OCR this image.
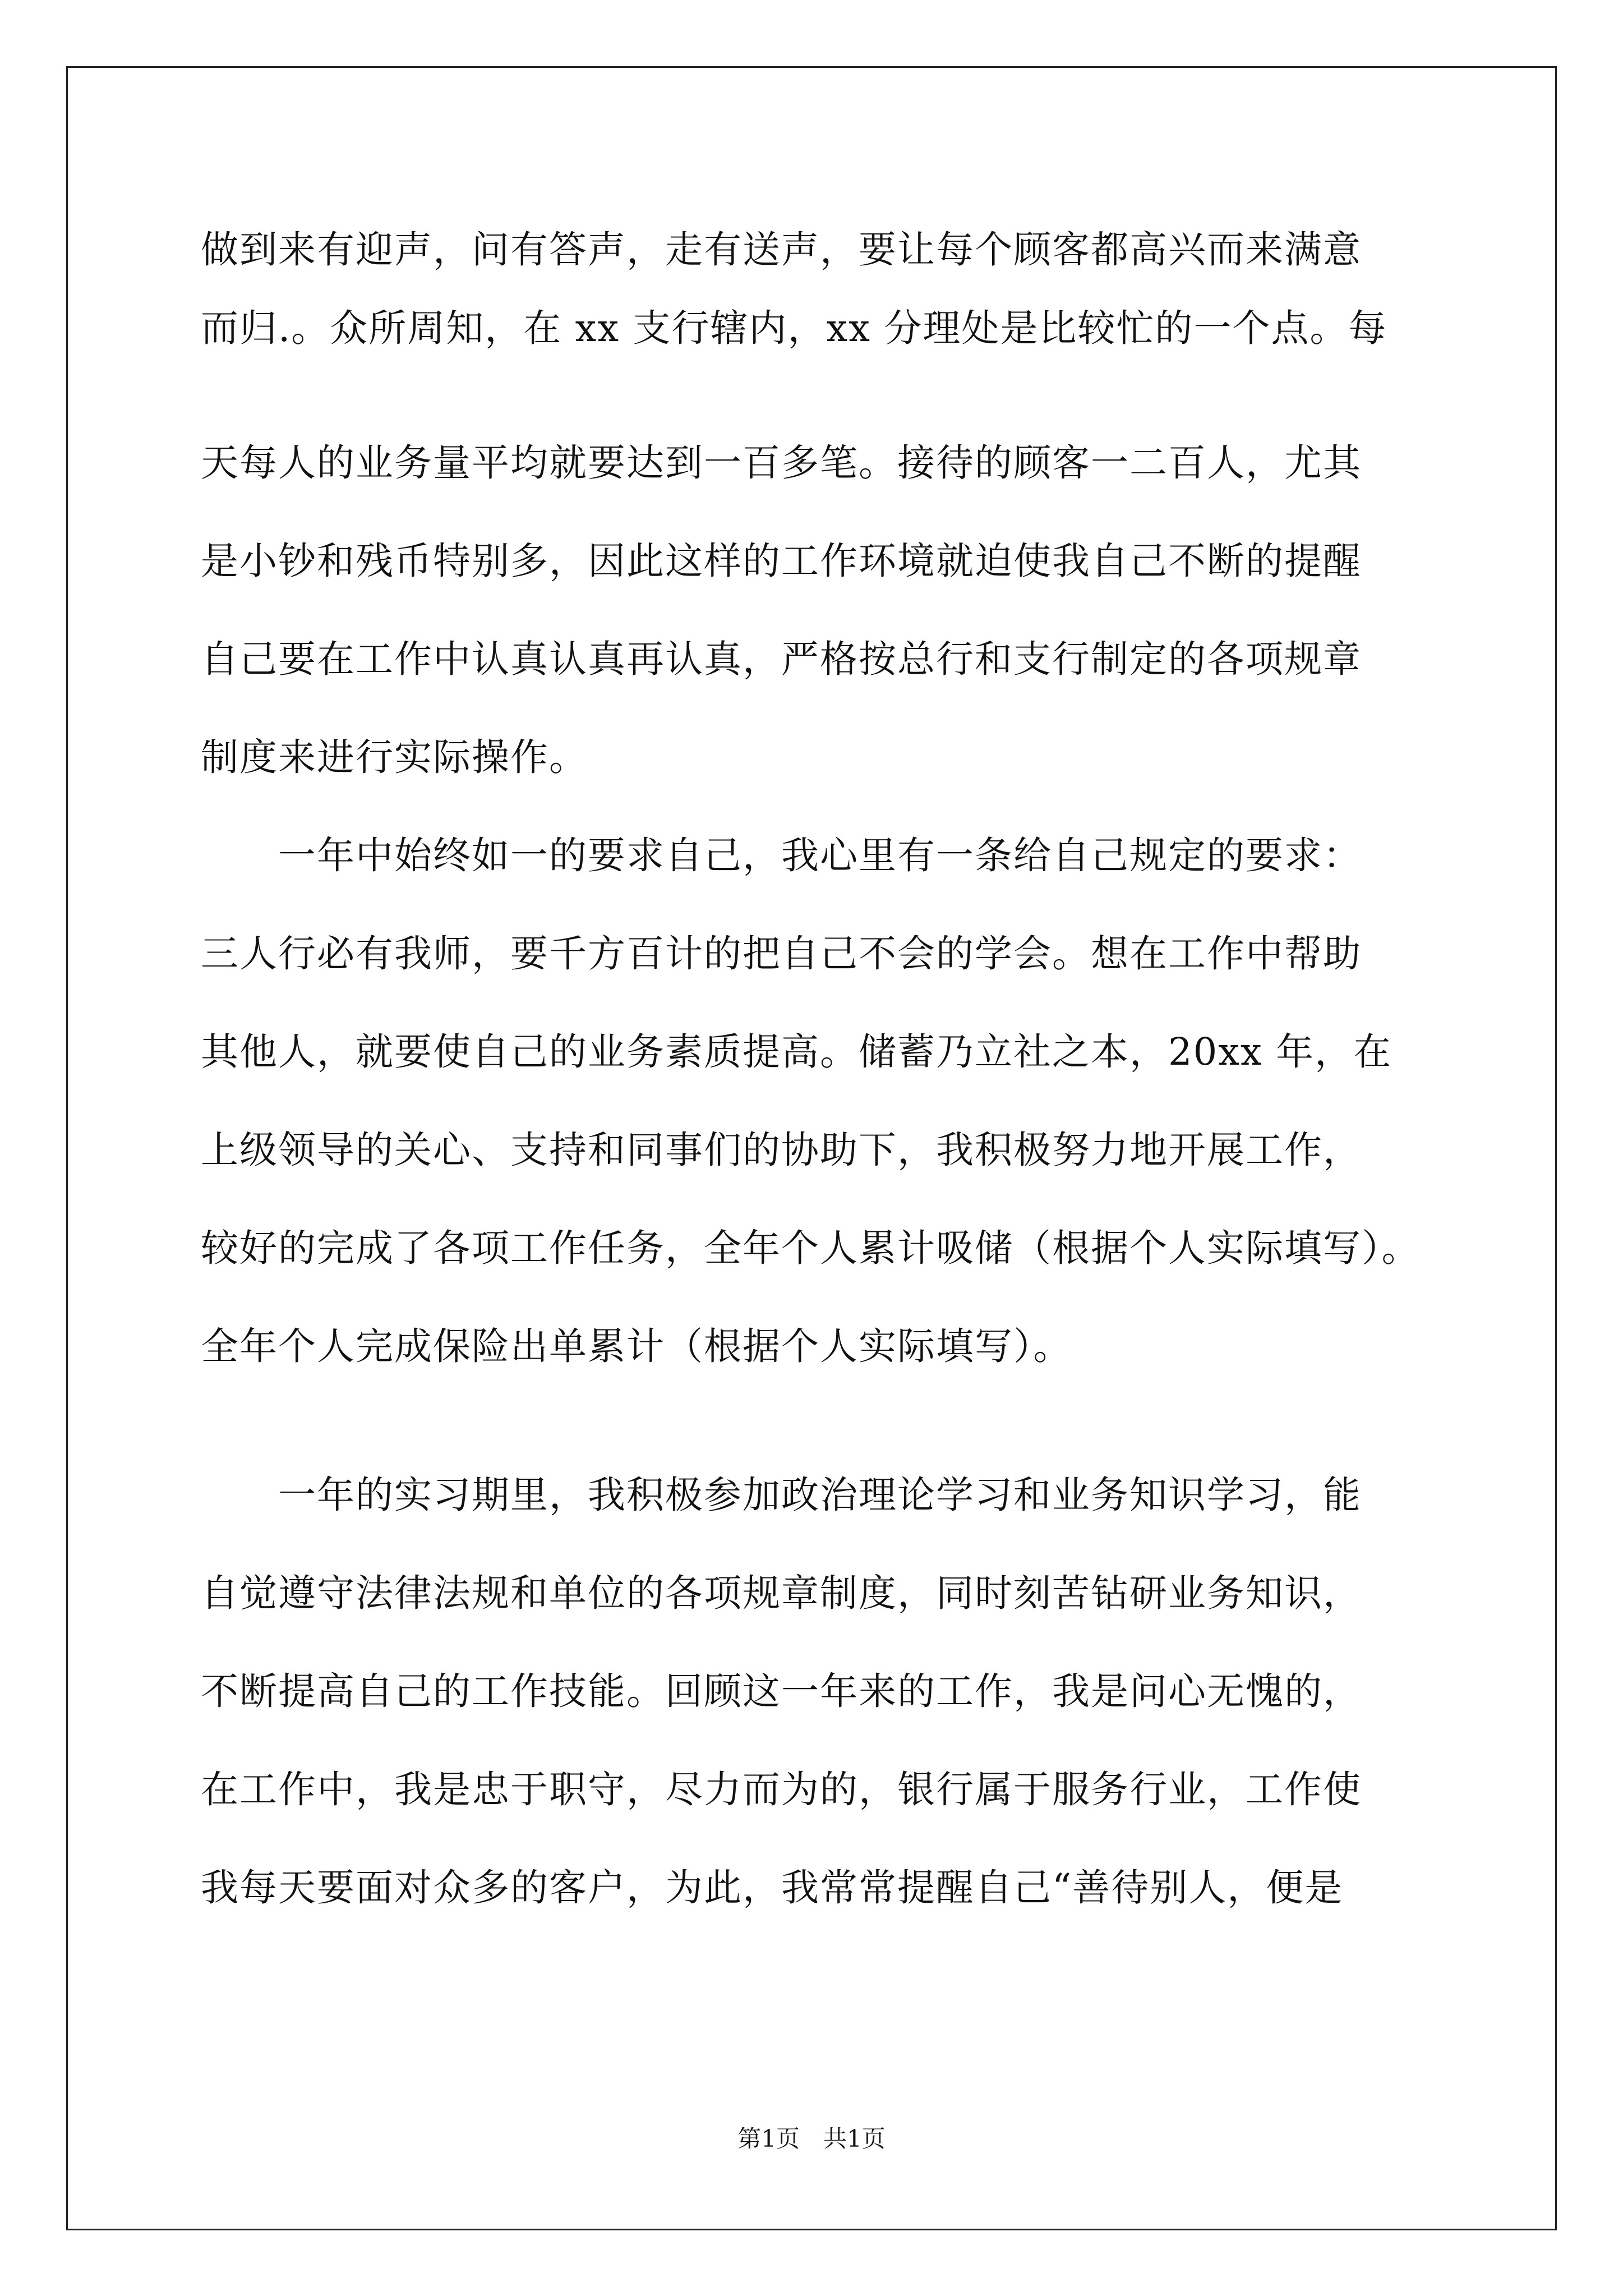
做到来有迎声，问有答声，走有送声，要让每个顾客都高兴而来满意
而归.。众所周知，在 xx 支行辖内，xx 分理处是比较忙的一个点。每
天每人的业务量平均就要达到一百多笔。接待的顾客一二百人，尤其
是小钞和残币特别多，因此这样的工作环境就迫使我自己不断的提醒
自己要在工作中认真认真再认真，严格按总行和支行制定的各项规章
制度来进行实际操作。
　　一年中始终如一的要求自己，我心里有一条给自己规定的要求：
三人行必有我师，要千方百计的把自己不会的学会。想在工作中帮助
其他人，就要使自己的业务素质提高。储蓄乃立社之本，20xx 年，在
上级领导的关心、支持和同事们的协助下，我积极努力地开展工作，
较好的完成了各项工作任务，全年个人累计吸储（根据个人实际填写）。
全年个人完成保险出单累计（根据个人实际填写）。
　　一年的实习期里，我积极参加政治理论学习和业务知识学习，能
自觉遵守法律法规和单位的各项规章制度，同时刻苦钻研业务知识，
不断提高自己的工作技能。回顾这一年来的工作，我是问心无愧的，
在工作中，我是忠于职守，尽力而为的，银行属于服务行业，工作使
我每天要面对众多的客户，为此，我常常提醒自己“善待别人，便是
第1页　共1页
